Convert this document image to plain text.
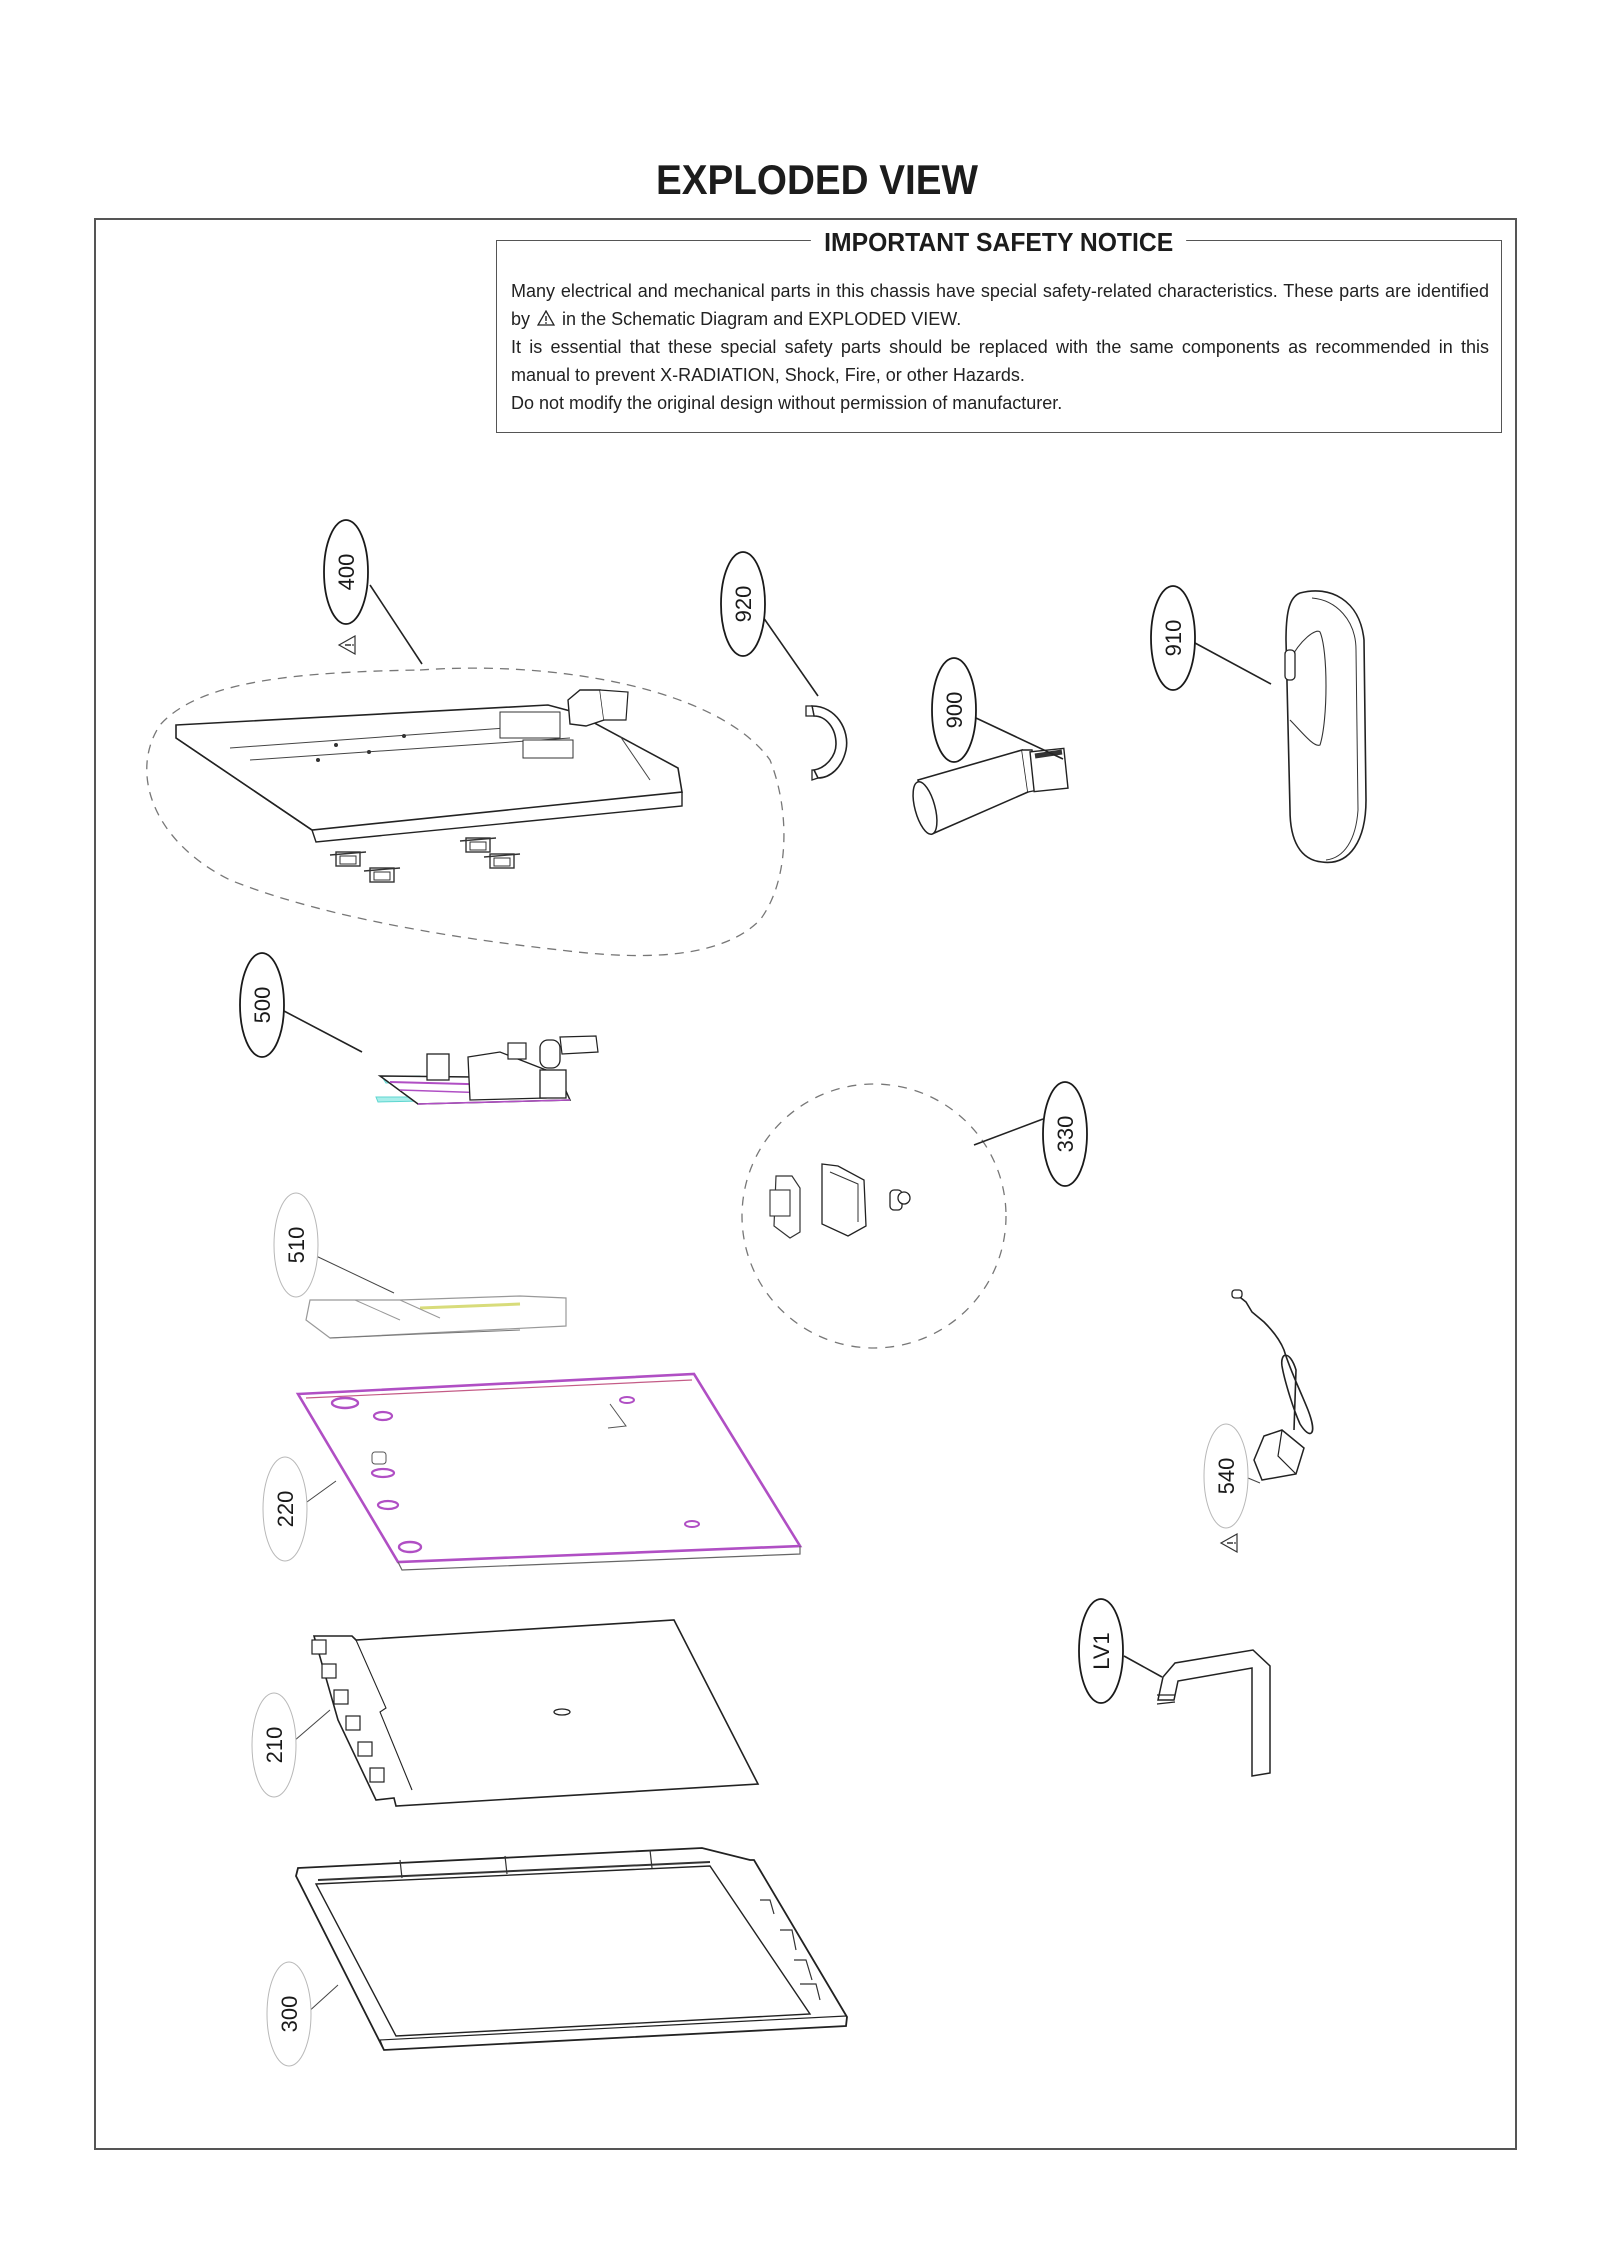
EXPLODED VIEW
IMPORTANT SAFETY NOTICE

Many electrical and mechanical parts in this chassis have special safety-related characteristics. These parts are identified by in the Schematic Diagram and EXPLODED VIEW.

It is essential that these special safety parts should be replaced with the same components as recommended in this manual to prevent X-RADIATION, Shock, Fire, or other Hazards.

Do not modify the original design without permission of manufacturer.

400
920
900
910
500
330
510
540
220
LV1
210
300
